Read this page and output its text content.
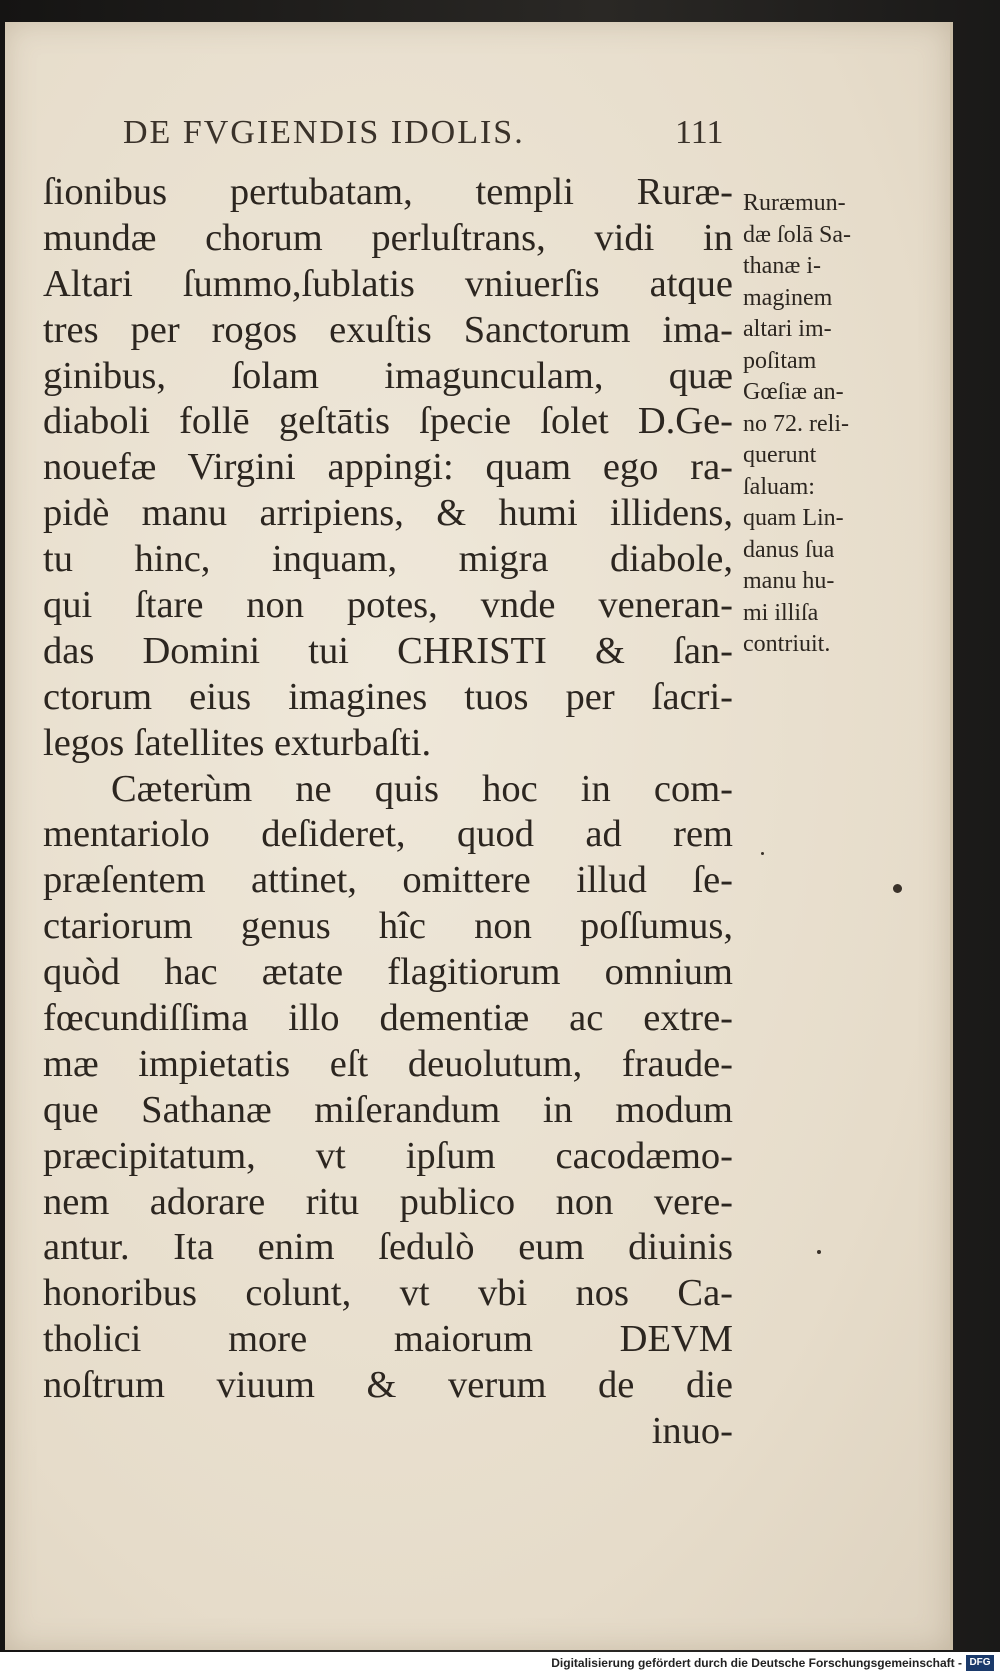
DE FVGIENDIS IDOLIS.	111
ſionibus pertubatam, templi Ruræ-
mundæ chorum perluſtrans, vidi in
Altari ſummo,ſublatis vniuerſis atque
tres per rogos exuſtis Sanctorum ima-
ginibus, ſolam imagunculam, quæ
diaboli follē geſtātis ſpecie ſolet D.Ge-
nouefæ Virgini appingi: quam ego ra-
pidè manu arripiens, & humi illidens,
tu hinc, inquam, migra diabole,
qui ſtare non potes, vnde veneran-
das Domini tui CHRISTI & ſan-
ctorum eius imagines tuos per ſacri-
legos ſatellites exturbaſti.
Cæterùm ne quis hoc in com-
mentariolo deſideret, quod ad rem
præſentem attinet, omittere illud ſe-
ctariorum genus hîc non poſſumus,
quòd hac ætate flagitiorum omnium
fœcundiſſima illo dementiæ ac extre-
mæ impietatis eſt deuolutum, fraude-
que Sathanæ miſerandum in modum
præcipitatum, vt ipſum cacodæmo-
nem adorare ritu publico non vere-
antur. Ita enim ſedulò eum diuinis
honoribus colunt, vt vbi nos Ca-
tholici more maiorum DEVM
noſtrum viuum & verum de die
inuo-
Ruræmun-
dæ ſolā Sa-
thanæ i-
maginem
altari im-
poſitam
Gœſiæ an-
no 72. reli-
querunt
ſaluam:
quam Lin-
danus ſua
manu hu-
mi illiſa
contriuit.
Digitalisierung gefördert durch die Deutsche Forschungsgemeinschaft - DFG
